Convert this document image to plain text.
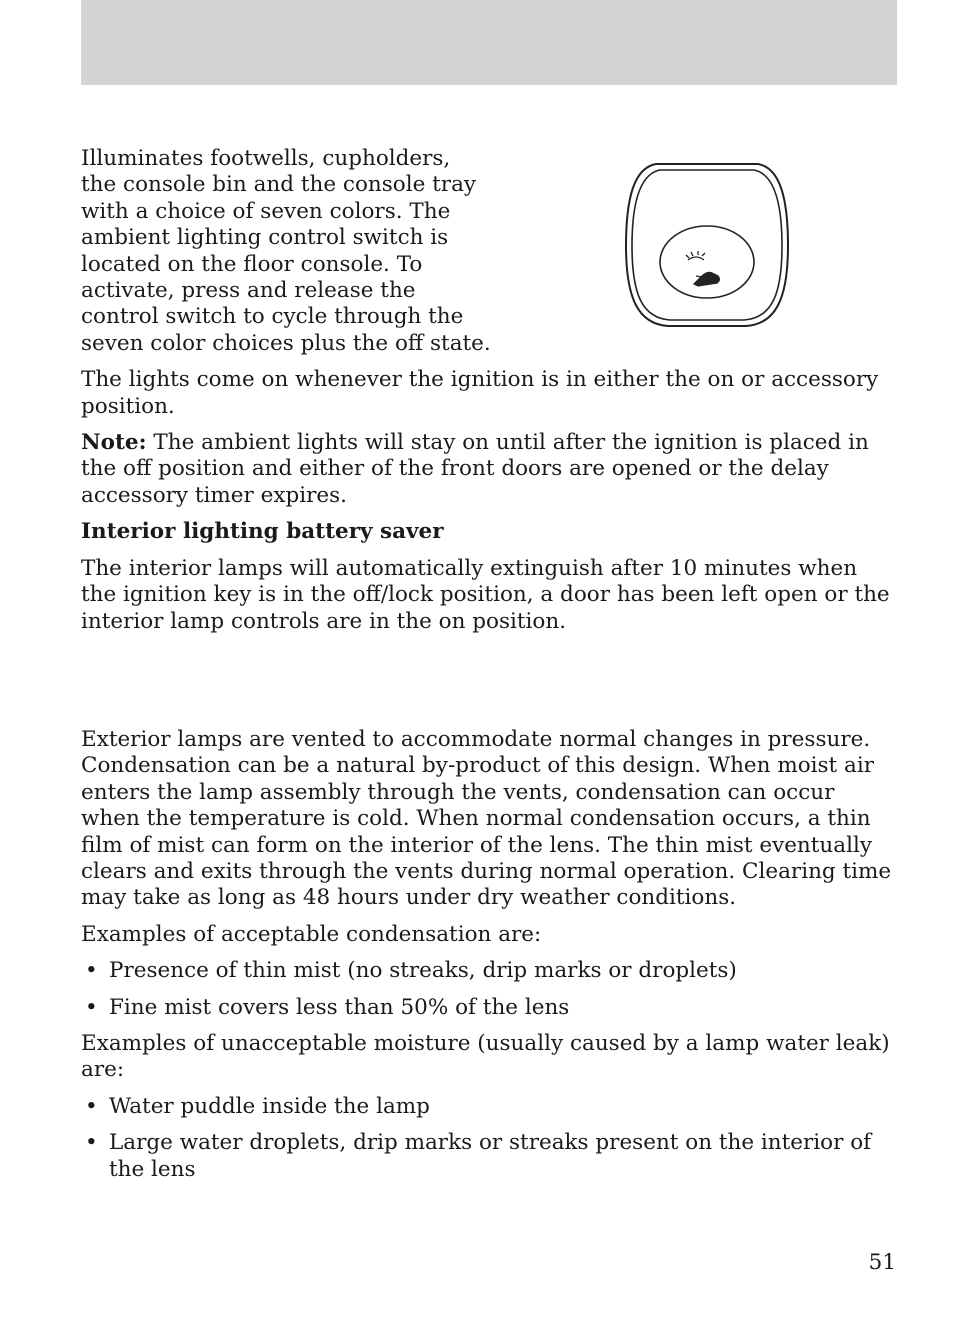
Illuminates footwells, cupholders, the console bin and the console tray with a choice of seven colors. The ambient lighting control switch is located on the floor console. To activate, press and release the control switch to cycle through the seven color choices plus the off state.

The lights come on whenever the ignition is in either the on or accessory position.

Note: The ambient lights will stay on until after the ignition is placed in the off position and either of the front doors are opened or the delay accessory timer expires.

Interior lighting battery saver

The interior lamps will automatically extinguish after 10 minutes when the ignition key is in the off/lock position, a door has been left open or the interior lamp controls are in the on position.

Exterior lamps are vented to accommodate normal changes in pressure. Condensation can be a natural by-product of this design. When moist air enters the lamp assembly through the vents, condensation can occur when the temperature is cold. When normal condensation occurs, a thin film of mist can form on the interior of the lens. The thin mist eventually clears and exits through the vents during normal operation. Clearing time may take as long as 48 hours under dry weather conditions.

Examples of acceptable condensation are:

• Presence of thin mist (no streaks, drip marks or droplets)
• Fine mist covers less than 50% of the lens

Examples of unacceptable moisture (usually caused by a lamp water leak) are:

• Water puddle inside the lamp
• Large water droplets, drip marks or streaks present on the interior of the lens
51
